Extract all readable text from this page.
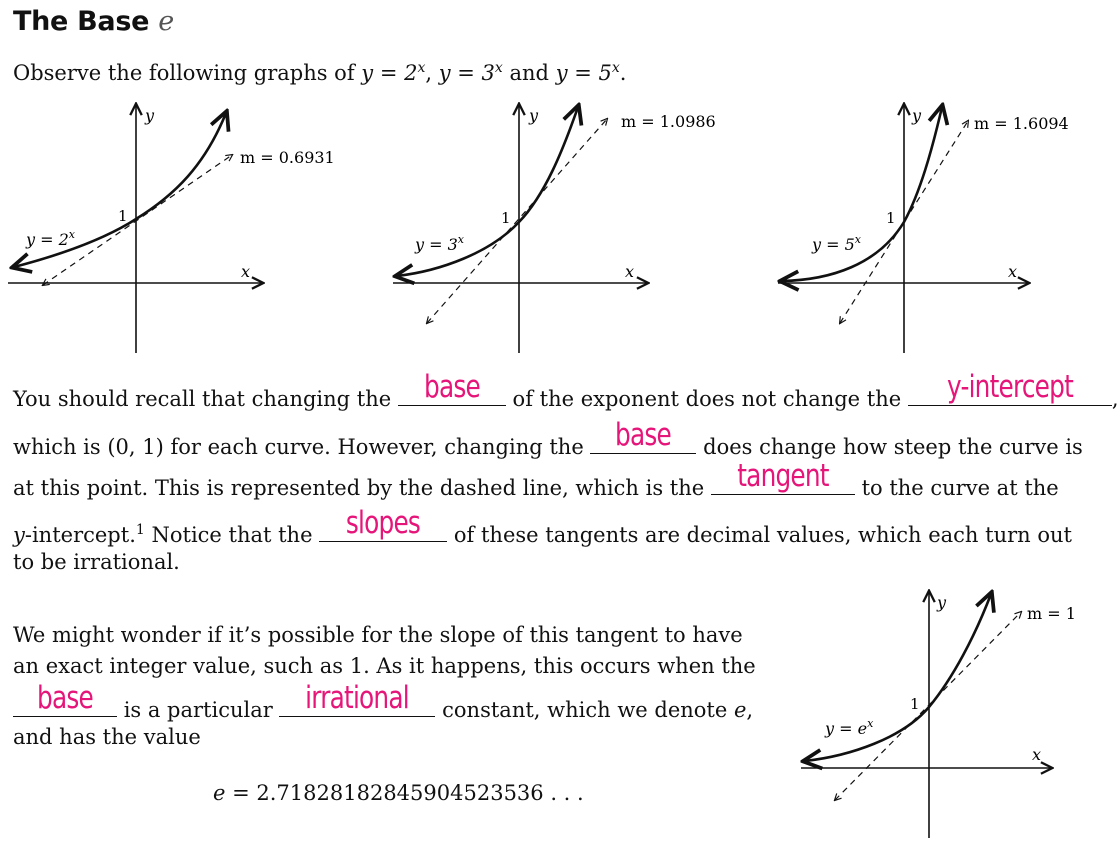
The Base e
Observe the following graphs of $y = 2^x$, $y = 3^x$ and $y = 5^x$.
1
y
x
$y = 2^x$
m = 0.6931
1
y
x
$y = 3^x$
m = 1.0986
1
y
x
$y = 5^x$
m = 1.6094
You should recall that changing the	base	of the exponent does not change the	y-intercept	,
which is (0, 1) for each curve. However, changing the	base	does change how steep the curve is
at this point. This is represented by the dashed line, which is the	tangent	to the curve at the
y-intercept.$^1$ Notice that the	slopes	of these tangents are decimal values, which each turn out
to be irrational.
We might wonder if it’s possible for the slope of this tangent to have
an exact integer value, such as 1. As it happens, this occurs when the
base	is a particular	irrational	constant, which we denote e,
and has the value
e = 2.71828182845904523536 . . .
1
y
x
$y = e^x$
m = 1
